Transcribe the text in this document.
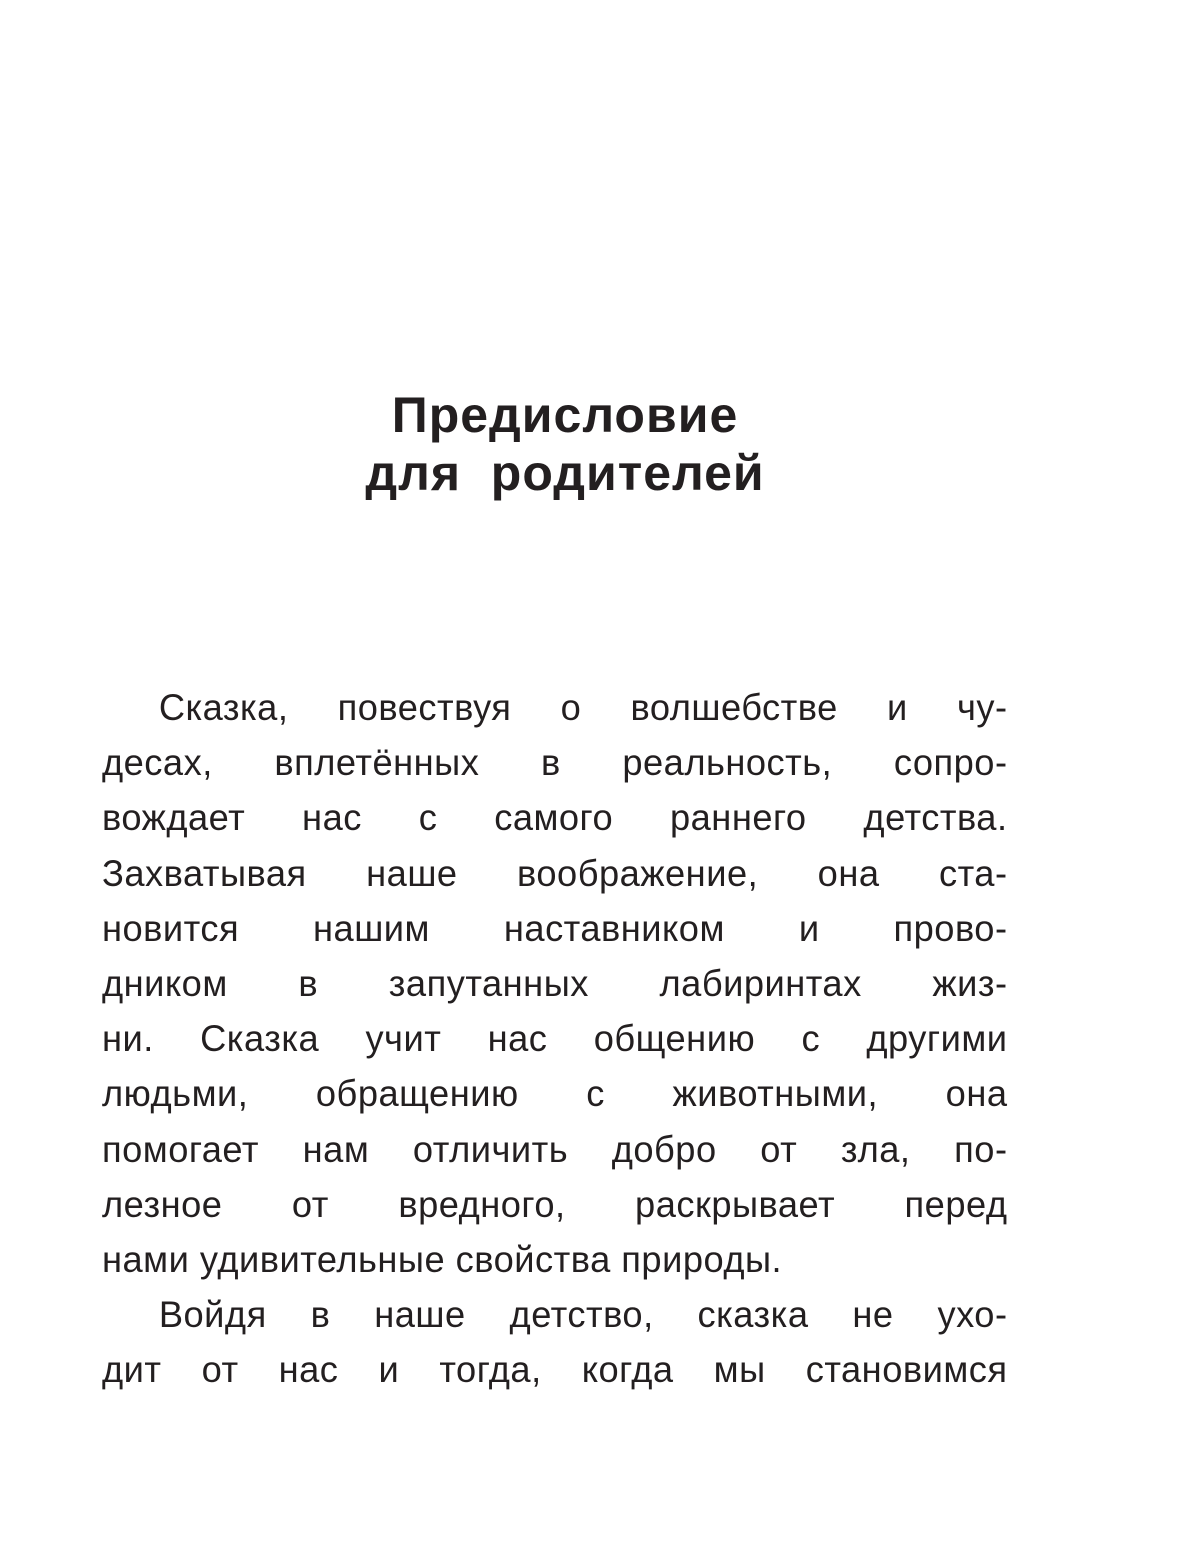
Предисловие
для  родителей
Сказка, повествуя о волшебстве и чу-
десах, вплетённых в реальность, сопро-
вождает нас с самого раннего детства.
Захватывая наше воображение, она ста-
новится нашим наставником и прово-
дником в запутанных лабиринтах жиз-
ни. Сказка учит нас общению с другими
людьми, обращению с животными, она
помогает нам отличить добро от зла, по-
лезное от вредного, раскрывает перед
нами удивительные свойства природы.
Войдя в наше детство, сказка не ухо-
дит от нас и тогда, когда мы становимся
